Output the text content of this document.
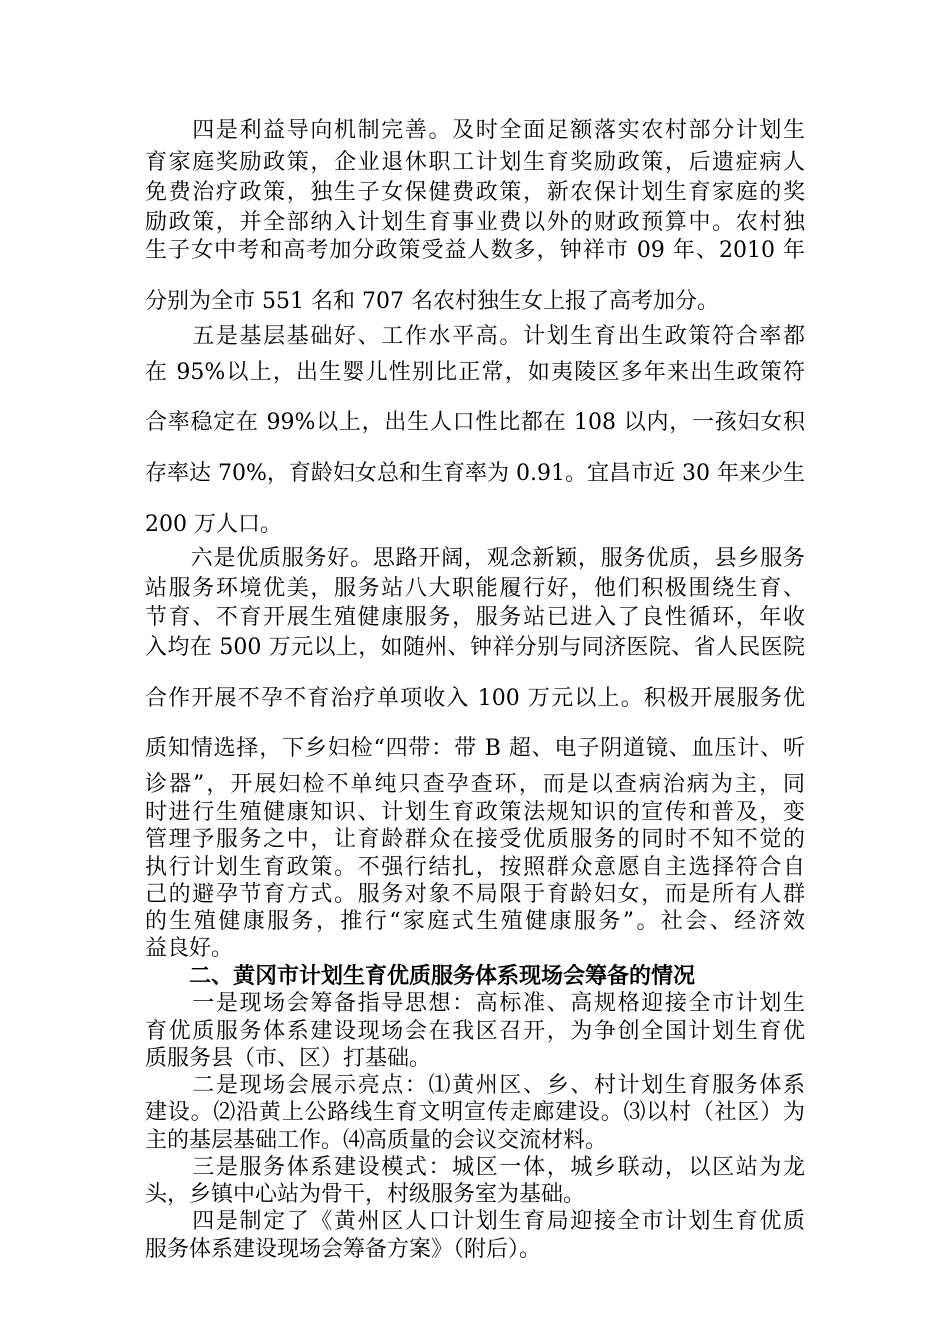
　　四是利益导向机制完善。及时全面足额落实农村部分计划生
育家庭奖励政策，企业退休职工计划生育奖励政策，后遗症病人
免费治疗政策，独生子女保健费政策，新农保计划生育家庭的奖
励政策，并全部纳入计划生育事业费以外的财政预算中。农村独
生子女中考和高考加分政策受益人数多，钟祥市 09 年、2010 年
分别为全市 551 名和 707 名农村独生女上报了高考加分。
　　五是基层基础好、工作水平高。计划生育出生政策符合率都
在 95%以上，出生婴儿性别比正常，如夷陵区多年来出生政策符
合率稳定在 99%以上，出生人口性比都在 108 以内，一孩妇女积
存率达 70%，育龄妇女总和生育率为 0.91。宜昌市近 30 年来少生
200 万人口。
　　六是优质服务好。思路开阔，观念新颖，服务优质，县乡服务
站服务环境优美，服务站八大职能履行好，他们积极围绕生育、
节育、不育开展生殖健康服务，服务站已进入了良性循环，年收
入均在 500 万元以上，如随州、钟祥分别与同济医院、省人民医院
合作开展不孕不育治疗单项收入 100 万元以上。积极开展服务优
质知情选择，下乡妇检“四带：带 B 超、电子阴道镜、血压计、听
诊器”，开展妇检不单纯只查孕查环，而是以查病治病为主，同
时进行生殖健康知识、计划生育政策法规知识的宣传和普及，变
管理予服务之中，让育龄群众在接受优质服务的同时不知不觉的
执行计划生育政策。不强行结扎，按照群众意愿自主选择符合自
己的避孕节育方式。服务对象不局限于育龄妇女，而是所有人群
的生殖健康服务，推行“家庭式生殖健康服务”。社会、经济效
益良好。
　　二、黄冈市计划生育优质服务体系现场会筹备的情况
　　一是现场会筹备指导思想：高标准、高规格迎接全市计划生
育优质服务体系建设现场会在我区召开，为争创全国计划生育优
质服务县（市、区）打基础。
　　二是现场会展示亮点：⑴黄州区、乡、村计划生育服务体系
建设。⑵沿黄上公路线生育文明宣传走廊建设。⑶以村（社区）为
主的基层基础工作。⑷高质量的会议交流材料。
　　三是服务体系建设模式：城区一体，城乡联动，以区站为龙
头，乡镇中心站为骨干，村级服务室为基础。
　　四是制定了《黄州区人口计划生育局迎接全市计划生育优质
服务体系建设现场会筹备方案》（附后）。
